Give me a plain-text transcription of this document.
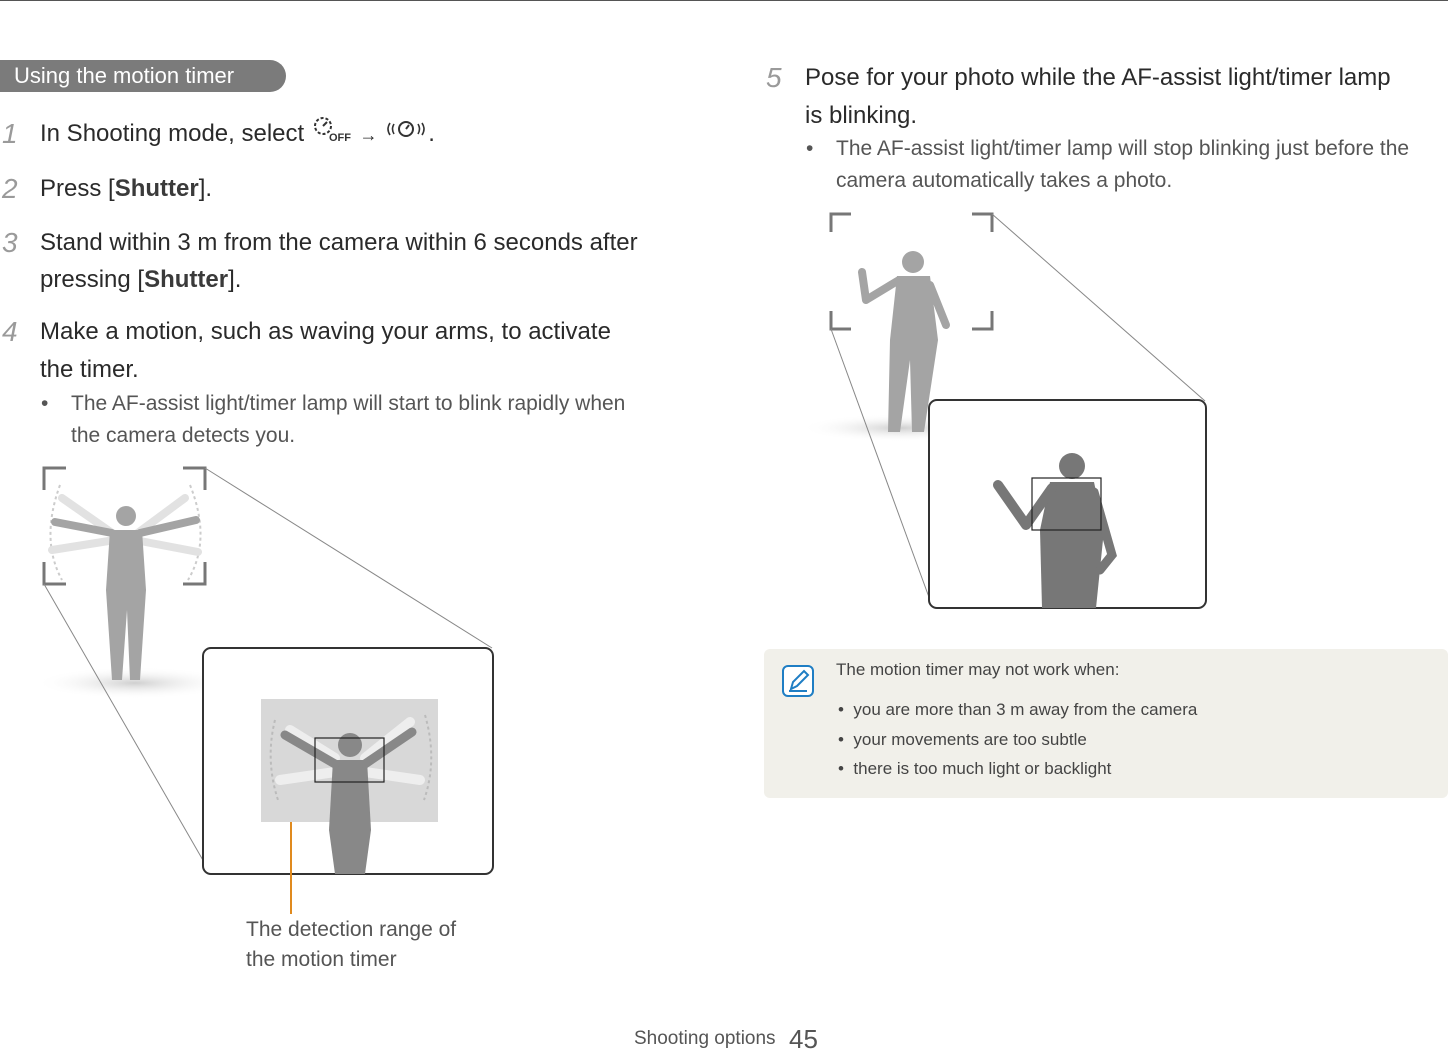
Using the motion timer
1 In Shooting mode, select OFF → .
2 Press [Shutter].
3 Stand within 3 m from the camera within 6 seconds after
pressing [Shutter].
4 Make a motion, such as waving your arms, to activate
the timer.
• The AF-assist light/timer lamp will start to blink rapidly when
the camera detects you.
5 Pose for your photo while the AF-assist light/timer lamp
is blinking.
• The AF-assist light/timer lamp will stop blinking just before the
camera automatically takes a photo.
The detection range of
the motion timer
The motion timer may not work when:
• you are more than 3 m away from the camera
• your movements are too subtle
• there is too much light or backlight
Shooting options 45
